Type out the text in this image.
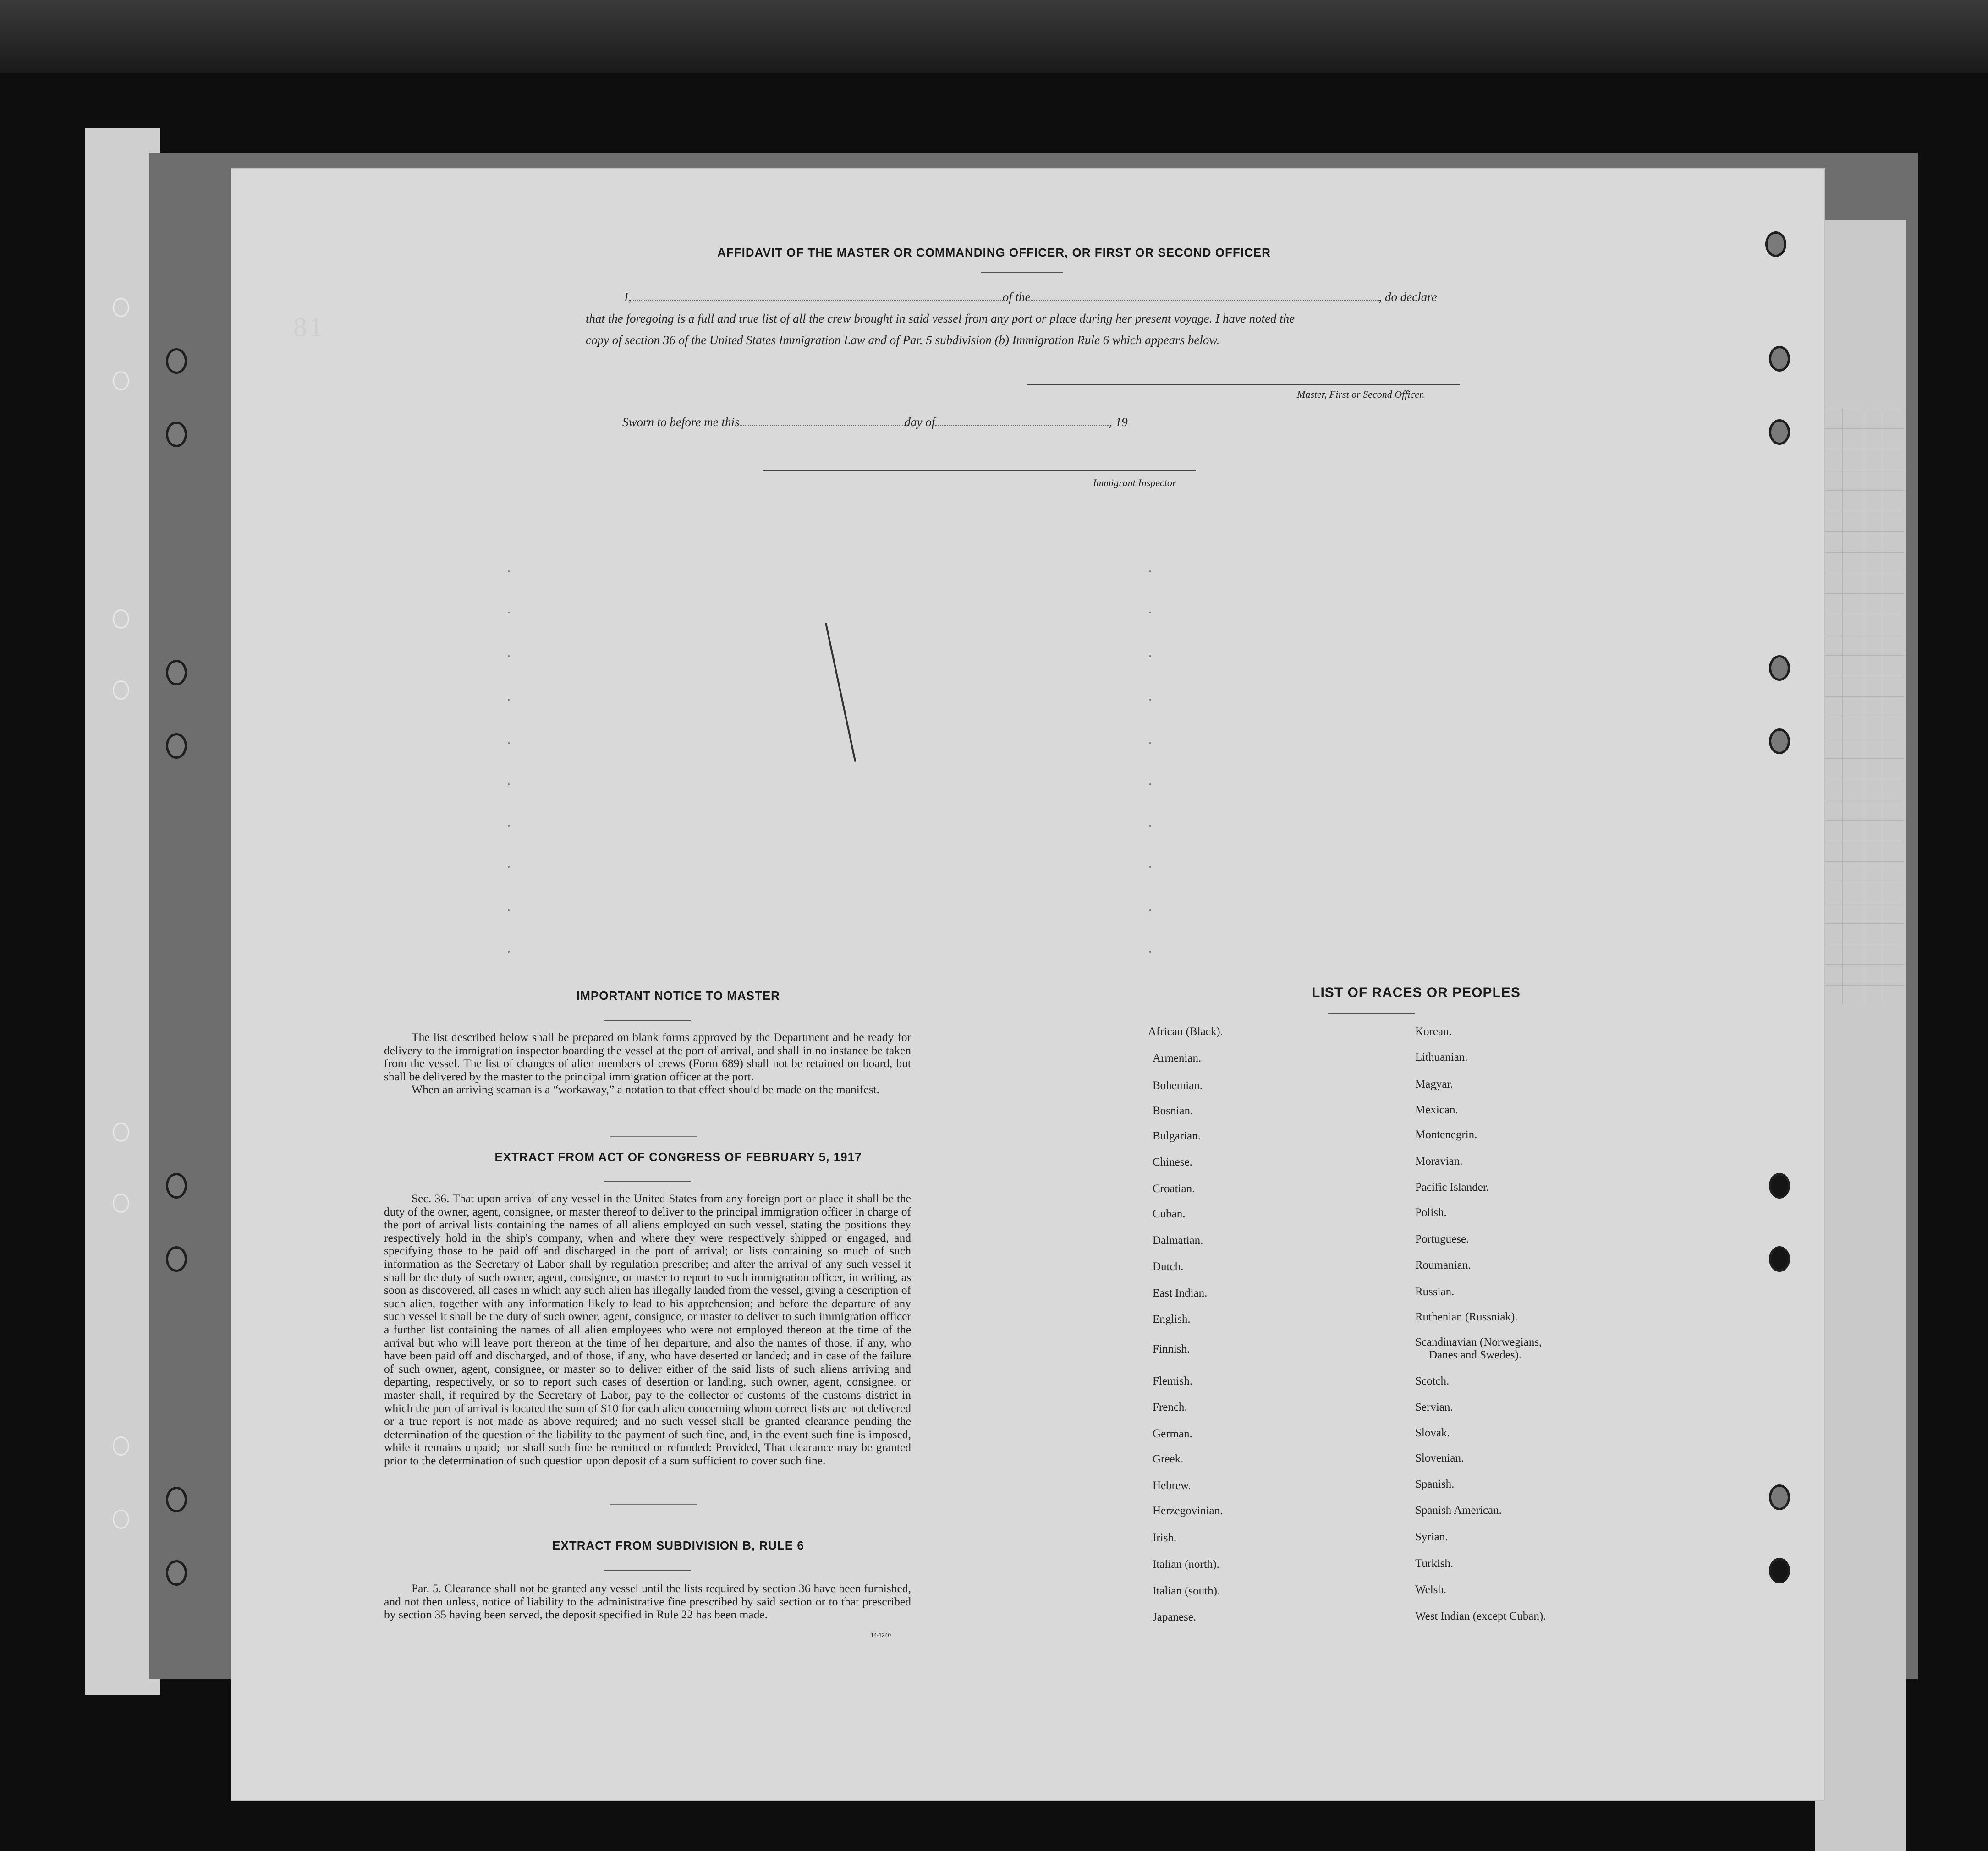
81
AFFIDAVIT OF THE MASTER OR COMMANDING OFFICER, OR FIRST OR SECOND OFFICER
I,	of the	, do declare
that the foregoing is a full and true list of all the crew brought in said vessel from any port or place during her present voyage. I have noted the
copy of section 36 of the United States Immigration Law and of Par. 5 subdivision (b) Immigration Rule 6 which appears below.
Master, First or Second Officer.
Sworn to before me this	day of	, 19
Immigrant Inspector
IMPORTANT NOTICE TO MASTER

The list described below shall be prepared on blank forms approved by the Department and be ready for delivery to the immigration inspector boarding the vessel at the port of arrival, and shall in no instance be taken from the vessel. The list of changes of alien members of crews (Form 689) shall not be retained on board, but shall be delivered by the master to the principal immigration officer at the port.

When an arriving seaman is a “workaway,” a notation to that effect should be made on the manifest.

EXTRACT FROM ACT OF CONGRESS OF FEBRUARY 5, 1917

Sec. 36. That upon arrival of any vessel in the United States from any foreign port or place it shall be the duty of the owner, agent, consignee, or master thereof to deliver to the principal immigration officer in charge of the port of arrival lists containing the names of all aliens employed on such vessel, stating the positions they respectively hold in the ship's company, when and where they were respectively shipped or engaged, and specifying those to be paid off and discharged in the port of arrival; or lists containing so much of such information as the Secretary of Labor shall by regulation prescribe; and after the arrival of any such vessel it shall be the duty of such owner, agent, consignee, or master to report to such immigration officer, in writing, as soon as discovered, all cases in which any such alien has illegally landed from the vessel, giving a description of such alien, together with any information likely to lead to his apprehension; and before the departure of any such vessel it shall be the duty of such owner, agent, consignee, or master to deliver to such immigration officer a further list containing the names of all alien employees who were not employed thereon at the time of the arrival but who will leave port thereon at the time of her departure, and also the names of those, if any, who have been paid off and discharged, and of those, if any, who have deserted or landed; and in case of the failure of such owner, agent, consignee, or master so to deliver either of the said lists of such aliens arriving and departing, respectively, or so to report such cases of desertion or landing, such owner, agent, consignee, or master shall, if required by the Secretary of Labor, pay to the collector of customs of the customs district in which the port of arrival is located the sum of $10 for each alien concerning whom correct lists are not delivered or a true report is not made as above required; and no such vessel shall be granted clearance pending the determination of the question of the liability to the payment of such fine, and, in the event such fine is imposed, while it remains unpaid; nor shall such fine be remitted or refunded: Provided, That clearance may be granted prior to the determination of such question upon deposit of a sum sufficient to cover such fine.

EXTRACT FROM SUBDIVISION B, RULE 6

Par. 5. Clearance shall not be granted any vessel until the lists required by section 36 have been furnished, and not then unless, notice of liability to the administrative fine prescribed by said section or to that prescribed by section 35 having been served, the deposit specified in Rule 22 has been made.

14-1240
LIST OF RACES OR PEOPLES
African (Black).
Armenian.
Bohemian.
Bosnian.
Bulgarian.
Chinese.
Croatian.
Cuban.
Dalmatian.
Dutch.
East Indian.
English.
Finnish.
Flemish.
French.
German.
Greek.
Hebrew.
Herzegovinian.
Irish.
Italian (north).
Italian (south).
Japanese.
Korean.
Lithuanian.
Magyar.
Mexican.
Montenegrin.
Moravian.
Pacific Islander.
Polish.
Portuguese.
Roumanian.
Russian.
Ruthenian (Russniak).
Scandinavian (Norwegians,
Danes and Swedes).
Scotch.
Servian.
Slovak.
Slovenian.
Spanish.
Spanish American.
Syrian.
Turkish.
Welsh.
West Indian (except Cuban).
